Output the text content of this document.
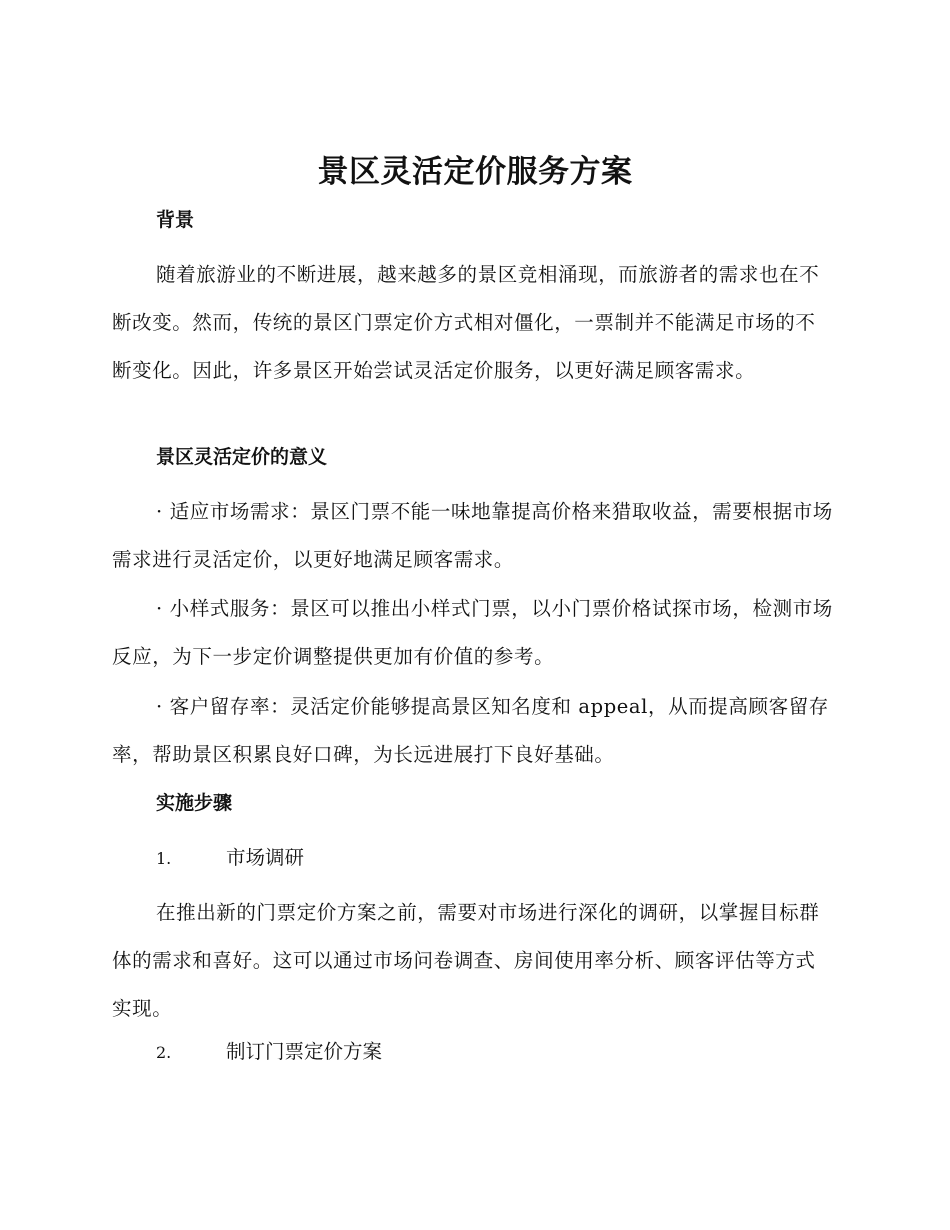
景区灵活定价服务方案
背景

随着旅游业的不断进展，越来越多的景区竞相涌现，而旅游者的需求也在不断改变。然而，传统的景区门票定价方式相对僵化，一票制并不能满足市场的不断变化。因此，许多景区开始尝试灵活定价服务，以更好满足顾客需求。

景区灵活定价的意义

· 适应市场需求：景区门票不能一味地靠提高价格来猎取收益，需要根据市场需求进行灵活定价，以更好地满足顾客需求。

· 小样式服务：景区可以推出小样式门票，以小门票价格试探市场，检测市场反应，为下一步定价调整提供更加有价值的参考。

· 客户留存率：灵活定价能够提高景区知名度和 appeal，从而提高顾客留存率，帮助景区积累良好口碑，为长远进展打下良好基础。

实施步骤

1.	市场调研

在推出新的门票定价方案之前，需要对市场进行深化的调研，以掌握目标群体的需求和喜好。这可以通过市场问卷调查、房间使用率分析、顾客评估等方式实现。

2.	制订门票定价方案
